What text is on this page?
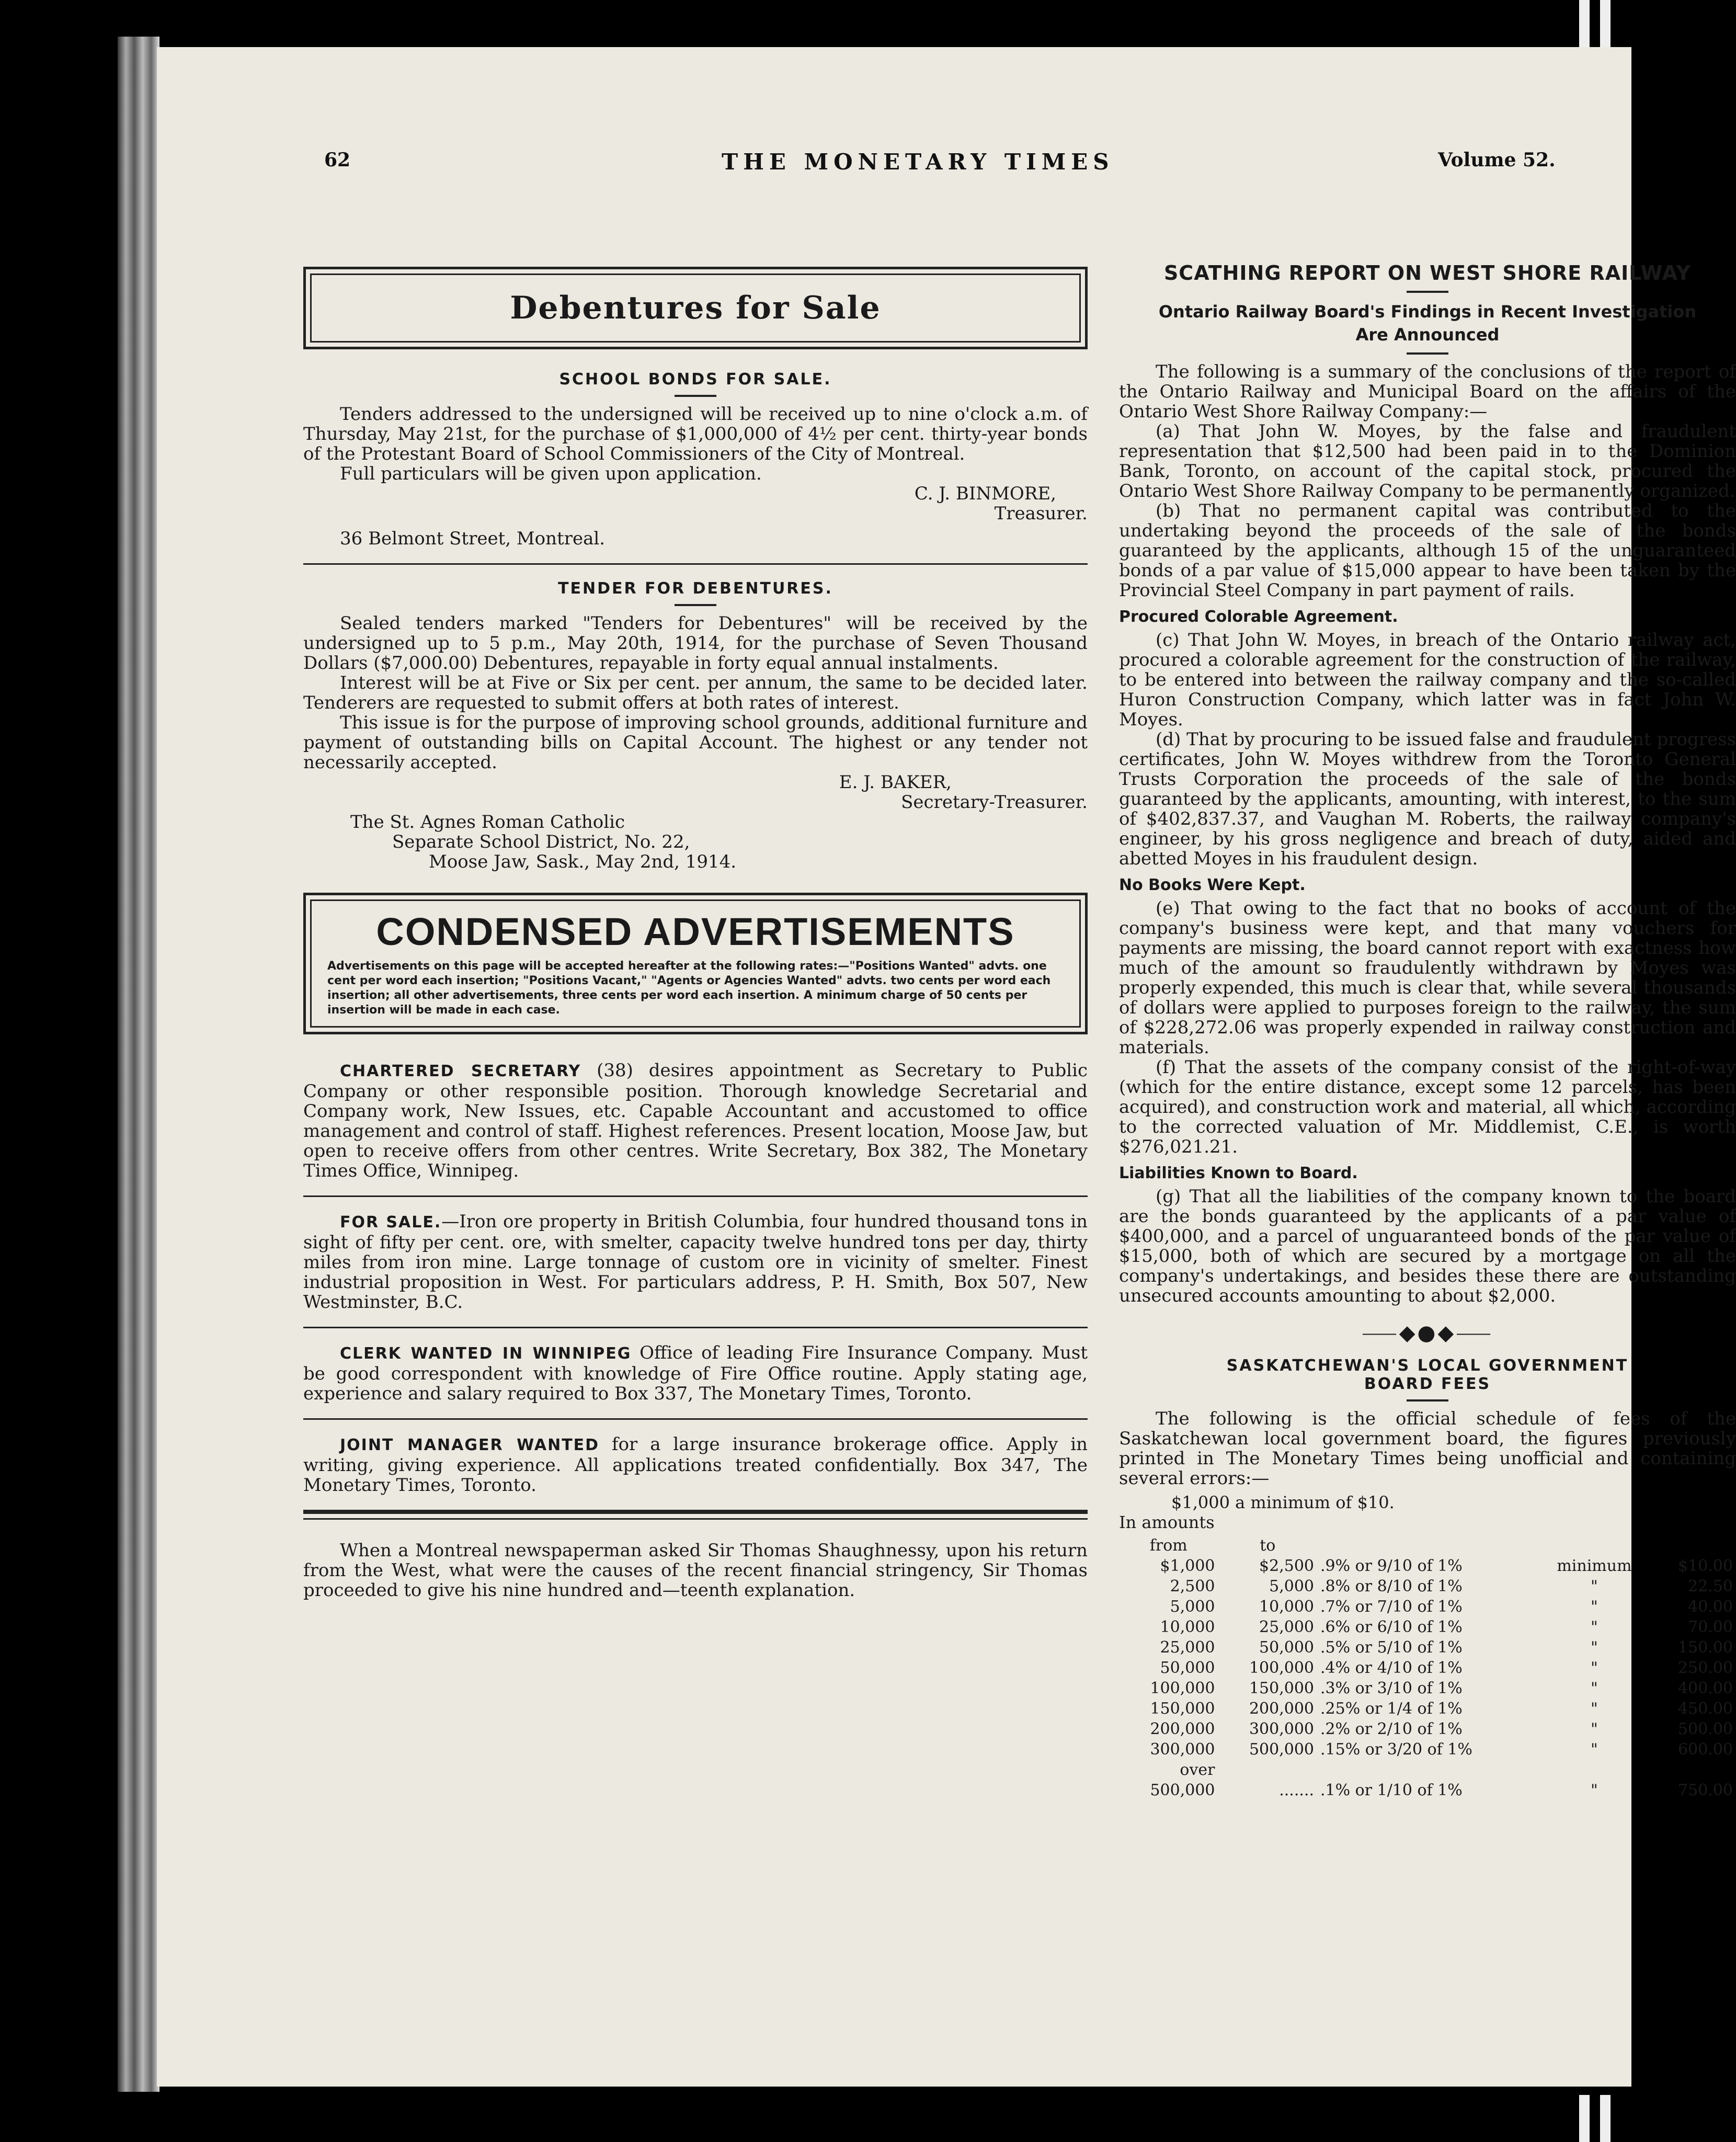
62	THE MONETARY TIMES	Volume 52.
Debentures for Sale

SCHOOL BONDS FOR SALE.

Tenders addressed to the undersigned will be received up to nine o'clock a.m. of Thursday, May 21st, for the purchase of $1,000,000 of 4½ per cent. thirty-year bonds of the Protestant Board of School Commissioners of the City of Montreal.

Full particulars will be given upon application.

C. J. BINMORE,

Treasurer.

36 Belmont Street, Montreal.

TENDER FOR DEBENTURES.

Sealed tenders marked "Tenders for Debentures" will be received by the undersigned up to 5 p.m., May 20th, 1914, for the purchase of Seven Thousand Dollars ($7,000.00) Debentures, repayable in forty equal annual instalments.

Interest will be at Five or Six per cent. per annum, the same to be decided later. Tenderers are requested to submit offers at both rates of interest.

This issue is for the purpose of improving school grounds, additional furniture and payment of outstanding bills on Capital Account. The highest or any tender not necessarily accepted.

E. J. BAKER,

Secretary-Treasurer.

The St. Agnes Roman Catholic

Separate School District, No. 22,

Moose Jaw, Sask., May 2nd, 1914.

CONDENSED ADVERTISEMENTS

Advertisements on this page will be accepted hereafter at the following rates:—"Positions Wanted" advts. one cent per word each insertion; "Positions Vacant," "Agents or Agencies Wanted" advts. two cents per word each insertion; all other advertisements, three cents per word each insertion. A minimum charge of 50 cents per insertion will be made in each case.

CHARTERED SECRETARY (38) desires appointment as Secretary to Public Company or other responsible position. Thorough knowledge Secretarial and Company work, New Issues, etc. Capable Accountant and accustomed to office management and control of staff. Highest references. Present location, Moose Jaw, but open to receive offers from other centres. Write Secretary, Box 382, The Monetary Times Office, Winnipeg.

FOR SALE.—Iron ore property in British Columbia, four hundred thousand tons in sight of fifty per cent. ore, with smelter, capacity twelve hundred tons per day, thirty miles from iron mine. Large tonnage of custom ore in vicinity of smelter. Finest industrial proposition in West. For particulars address, P. H. Smith, Box 507, New Westminster, B.C.

CLERK WANTED IN WINNIPEG Office of leading Fire Insurance Company. Must be good correspondent with knowledge of Fire Office routine. Apply stating age, experience and salary required to Box 337, The Monetary Times, Toronto.

JOINT MANAGER WANTED for a large insurance brokerage office. Apply in writing, giving experience. All applications treated confidentially. Box 347, The Monetary Times, Toronto.

When a Montreal newspaperman asked Sir Thomas Shaughnessy, upon his return from the West, what were the causes of the recent financial stringency, Sir Thomas proceeded to give his nine hundred and—teenth explanation.

SCATHING REPORT ON WEST SHORE RAILWAY

Ontario Railway Board's Findings in Recent Investigation

Are Announced

The following is a summary of the conclusions of the report of the Ontario Railway and Municipal Board on the affairs of the Ontario West Shore Railway Company:—

(a) That John W. Moyes, by the false and fraudulent representation that $12,500 had been paid in to the Dominion Bank, Toronto, on account of the capital stock, procured the Ontario West Shore Railway Company to be permanently organized.

(b) That no permanent capital was contributed to the undertaking beyond the proceeds of the sale of the bonds guaranteed by the applicants, although 15 of the unguaranteed bonds of a par value of $15,000 appear to have been taken by the Provincial Steel Company in part payment of rails.

Procured Colorable Agreement.

(c) That John W. Moyes, in breach of the Ontario railway act, procured a colorable agreement for the construction of the railway, to be entered into between the railway company and the so-called Huron Construction Company, which latter was in fact John W. Moyes.

(d) That by procuring to be issued false and fraudulent progress certificates, John W. Moyes withdrew from the Toronto General Trusts Corporation the proceeds of the sale of the bonds guaranteed by the applicants, amounting, with interest, to the sum of $402,837.37, and Vaughan M. Roberts, the railway company's engineer, by his gross negligence and breach of duty, aided and abetted Moyes in his fraudulent design.

No Books Were Kept.

(e) That owing to the fact that no books of account of the company's business were kept, and that many vouchers for payments are missing, the board cannot report with exactness how much of the amount so fraudulently withdrawn by Moyes was properly expended, this much is clear that, while several thousands of dollars were applied to purposes foreign to the railway, the sum of $228,272.06 was properly expended in railway construction and materials.

(f) That the assets of the company consist of the right-of-way (which for the entire distance, except some 12 parcels, has been acquired), and construction work and material, all which, according to the corrected valuation of Mr. Middlemist, C.E., is worth $276,021.21.

Liabilities Known to Board.

(g) That all the liabilities of the company known to the board are the bonds guaranteed by the applicants of a par value of $400,000, and a parcel of unguaranteed bonds of the par value of $15,000, both of which are secured by a mortgage on all the company's undertakings, and besides these there are outstanding unsecured accounts amounting to about $2,000.

⸺◆●◆⸺

SASKATCHEWAN'S LOCAL GOVERNMENT

BOARD FEES

The following is the official schedule of fees of the Saskatchewan local government board, the figures previously printed in The Monetary Times being unofficial and containing several errors:—

$1,000 a minimum of $10.

In amounts

from	to			
$1,000	$2,500	.9% or 9/10 of 1%	minimum	$10.00
2,500	5,000	.8% or 8/10 of 1%	"	22.50
5,000	10,000	.7% or 7/10 of 1%	"	40.00
10,000	25,000	.6% or 6/10 of 1%	"	70.00
25,000	50,000	.5% or 5/10 of 1%	"	150.00
50,000	100,000	.4% or 4/10 of 1%	"	250.00
100,000	150,000	.3% or 3/10 of 1%	"	400.00
150,000	200,000	.25% or 1/4 of 1%	"	450.00
200,000	300,000	.2% or 2/10 of 1%	"	500.00
300,000	500,000	.15% or 3/20 of 1%	"	600.00
over				
500,000	.......	.1% or 1/10 of 1%	"	750.00
